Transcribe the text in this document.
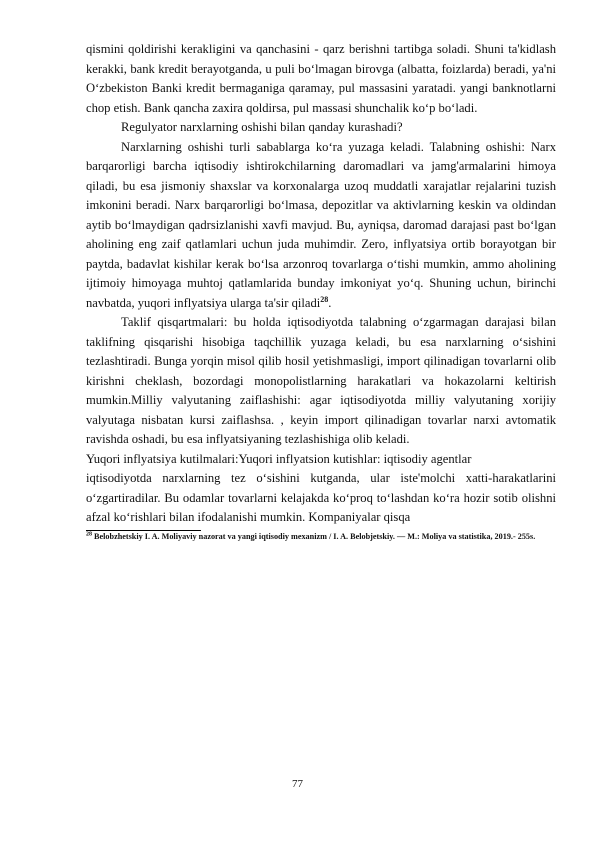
qismini qoldirishi kerakligini va qanchasini - qarz berishni tartibga soladi. Shuni ta'kidlash kerakki, bank kredit berayotganda, u puli bo‘lmagan birovga (albatta, foizlarda) beradi, ya'ni O‘zbekiston Banki kredit bermaganiga qaramay, pul massasini yaratadi. yangi banknotlarni chop etish. Bank qancha zaxira qoldirsa, pul massasi shunchalik ko‘p bo‘ladi.

Regulyator narxlarning oshishi bilan qanday kurashadi?

Narxlarning oshishi turli sabablarga ko‘ra yuzaga keladi. Talabning oshishi: Narx barqarorligi barcha iqtisodiy ishtirokchilarning daromadlari va jamg'armalarini himoya qiladi, bu esa jismoniy shaxslar va korxonalarga uzoq muddatli xarajatlar rejalarini tuzish imkonini beradi. Narx barqarorligi bo‘lmasa, depozitlar va aktivlarning keskin va oldindan aytib bo‘lmaydigan qadrsizlanishi xavfi mavjud. Bu, ayniqsa, daromad darajasi past bo‘lgan aholining eng zaif qatlamlari uchun juda muhimdir. Zero, inflyatsiya ortib borayotgan bir paytda, badavlat kishilar kerak bo‘lsa arzonroq tovarlarga o‘tishi mumkin, ammo aholining ijtimoiy himoyaga muhtoj qatlamlarida bunday imkoniyat yo‘q. Shuning uchun, birinchi navbatda, yuqori inflyatsiya ularga ta'sir qiladi$^{28}$.

Taklif qisqartmalari: bu holda iqtisodiyotda talabning o‘zgarmagan darajasi bilan taklifning qisqarishi hisobiga taqchillik yuzaga keladi, bu esa narxlarning o‘sishini tezlashtiradi. Bunga yorqin misol qilib hosil yetishmasligi, import qilinadigan tovarlarni olib kirishni cheklash, bozordagi monopolistlarning harakatlari va hokazolarni keltirish mumkin.Milliy valyutaning zaiflashishi: agar iqtisodiyotda milliy valyutaning xorijiy valyutaga nisbatan kursi zaiflashsa. , keyin import qilinadigan tovarlar narxi avtomatik ravishda oshadi, bu esa inflyatsiyaning tezlashishiga olib keladi.

Yuqori inflyatsiya kutilmalari:Yuqori inflyatsion kutishlar: iqtisodiy agentlar

iqtisodiyotda narxlarning tez o‘sishini kutganda, ular iste'molchi xatti-harakatlarini o‘zgartiradilar. Bu odamlar tovarlarni kelajakda ko‘proq to‘lashdan ko‘ra hozir sotib olishni afzal ko‘rishlari bilan ifodalanishi mumkin. Kompaniyalar qisqa

$^{28}$ Belobzhetskiy I. A. Moliyaviy nazorat va yangi iqtisodiy mexanizm / I. A. Belobjetskiy. — M.: Moliya va statistika, 2019.- 255s.
77
